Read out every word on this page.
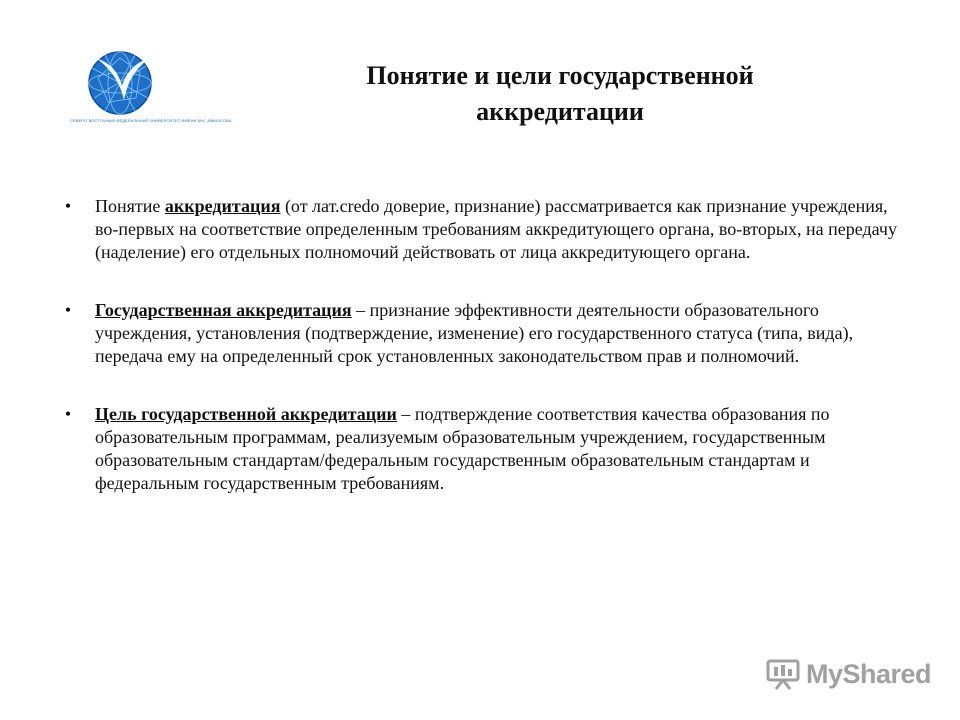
СЕВЕРО-ВОСТОЧНЫЙ ФЕДЕРАЛЬНЫЙ УНИВЕРСИТЕТ ИМЕНИ М.К. АММОСОВА
Понятие и цели государственной
аккредитации
•	Понятие аккредитация (от лат.credo доверие, признание) рассматривается как признание учреждения, во-первых на соответствие определенным требованиям аккредитующего органа, во-вторых, на передачу (наделение) его отдельных полномочий действовать от лица аккредитующего органа.
•	Государственная аккредитация – признание эффективности деятельности образовательного учреждения, установления (подтверждение, изменение) его государственного статуса (типа, вида), передача ему на определенный срок установленных законодательством прав и полномочий.
•	Цель государственной аккредитации – подтверждение соответствия качества образования по образовательным программам, реализуемым образовательным учреждением, государственным образовательным стандартам/федеральным государственным образовательным стандартам и федеральным государственным требованиям.
MyShared
